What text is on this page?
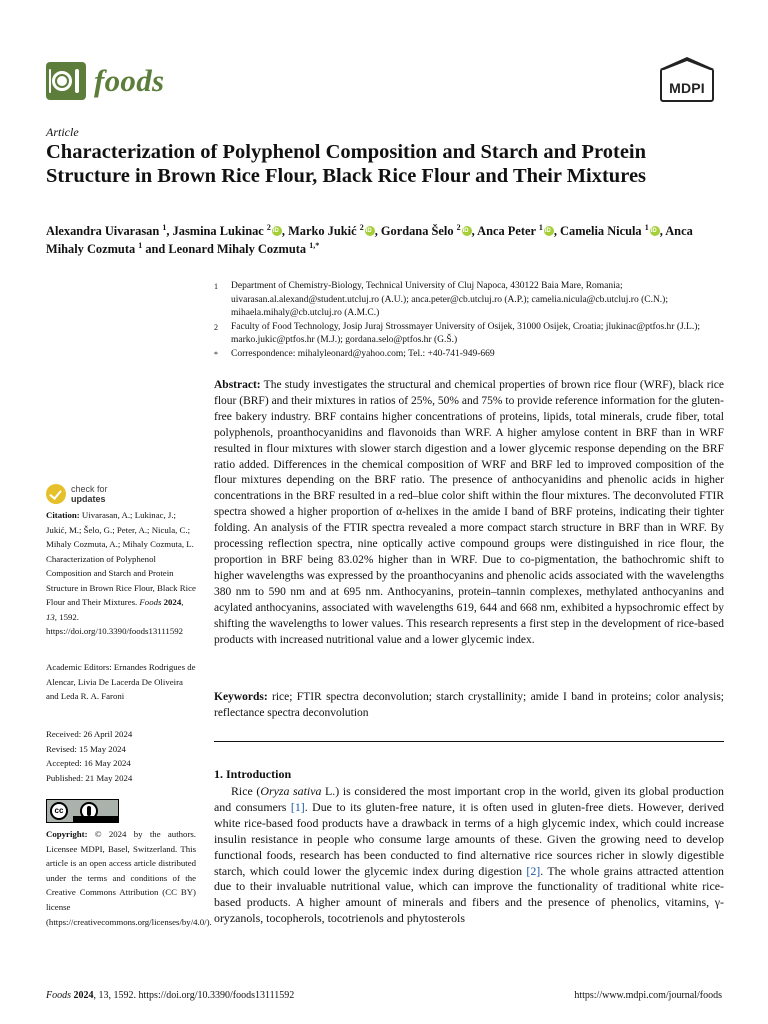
foods	MDPI
Article
Characterization of Polyphenol Composition and Starch and Protein Structure in Brown Rice Flour, Black Rice Flour and Their Mixtures
Alexandra Uivarasan $^1$, Jasmina Lukinac $^2$ iD , Marko Jukić $^2$ iD , Gordana Šelo $^2$ iD , Anca Peter $^1$ iD , Camelia Nicula $^1$ iD , Anca Mihaly Cozmuta $^1$ and Leonard Mihaly Cozmuta $^{1,*}$
1	Department of Chemistry-Biology, Technical University of Cluj Napoca, 430122 Baia Mare, Romania; uivarasan.al.alexand@student.utcluj.ro (A.U.); anca.peter@cb.utcluj.ro (A.P.); camelia.nicula@cb.utcluj.ro (C.N.); mihaela.mihaly@cb.utcluj.ro (A.M.C.)
2	Faculty of Food Technology, Josip Juraj Strossmayer University of Osijek, 31000 Osijek, Croatia; jlukinac@ptfos.hr (J.L.); marko.jukic@ptfos.hr (M.J.); gordana.selo@ptfos.hr (G.Š.)
*	Correspondence: mihalyleonard@yahoo.com; Tel.: +40-741-949-669

Abstract: The study investigates the structural and chemical properties of brown rice flour (WRF), black rice flour (BRF) and their mixtures in ratios of 25%, 50% and 75% to provide reference information for the gluten-free bakery industry. BRF contains higher concentrations of proteins, lipids, total minerals, crude fiber, total polyphenols, proanthocyanidins and flavonoids than WRF. A higher amylose content in BRF than in WRF resulted in flour mixtures with slower starch digestion and a lower glycemic response depending on the BRF ratio added. Differences in the chemical composition of WRF and BRF led to improved composition of the flour mixtures depending on the BRF ratio. The presence of anthocyanidins and phenolic acids in higher concentrations in the BRF resulted in a red–blue color shift within the flour mixtures. The deconvoluted FTIR spectra showed a higher proportion of α-helixes in the amide I band of BRF proteins, indicating their tighter folding. An analysis of the FTIR spectra revealed a more compact starch structure in BRF than in WRF. By processing reflection spectra, nine optically active compound groups were distinguished in rice flour, the proportion in BRF being 83.02% higher than in WRF. Due to co-pigmentation, the bathochromic shift to higher wavelengths was expressed by the proanthocyanins and phenolic acids associated with the wavelengths 380 nm to 590 nm and at 695 nm. Anthocyanins, protein–tannin complexes, methylated anthocyanins and acylated anthocyanins, associated with wavelengths 619, 644 and 668 nm, exhibited a hypsochromic effect by shifting the wavelengths to lower values. This research represents a first step in the development of rice-based products with increased nutritional value and a lower glycemic index.

Keywords: rice; FTIR spectra deconvolution; starch crystallinity; amide I band in proteins; color analysis; reflectance spectra deconvolution

1. Introduction

Rice (Oryza sativa L.) is considered the most important crop in the world, given its global production and consumers [1]. Due to its gluten-free nature, it is often used in gluten-free diets. However, derived white rice-based food products have a drawback in terms of a high glycemic index, which could increase insulin resistance in people who consume large amounts of these. Given the growing need to develop functional foods, research has been conducted to find alternative rice sources richer in slowly digestible starch, which could lower the glycemic index during digestion [2]. The whole grains attracted attention due to their invaluable nutritional value, which can improve the functionality of traditional white rice-based products. A higher amount of minerals and fibers and the presence of phenolics, vitamins, γ-oryzanols, tocopherols, tocotrienols and phytosterols

check for
updates
Citation: Uivarasan, A.; Lukinac, J.; Jukić, M.; Šelo, G.; Peter, A.; Nicula, C.; Mihaly Cozmuta, A.; Mihaly Cozmuta, L. Characterization of Polyphenol Composition and Starch and Protein Structure in Brown Rice Flour, Black Rice Flour and Their Mixtures. Foods 2024, 13, 1592. https://doi.org/10.3390/foods13111592
Academic Editors: Ernandes Rodrigues de Alencar, Livia De Lacerda De Oliveira and Leda R. A. Faroni
Received: 26 April 2024
Revised: 15 May 2024
Accepted: 16 May 2024
Published: 21 May 2024
cc

Copyright: © 2024 by the authors. Licensee MDPI, Basel, Switzerland. This article is an open access article distributed under the terms and conditions of the Creative Commons Attribution (CC BY) license (https://creativecommons.org/licenses/by/4.0/).

Foods 2024, 13, 1592. https://doi.org/10.3390/foods13111592	https://www.mdpi.com/journal/foods
